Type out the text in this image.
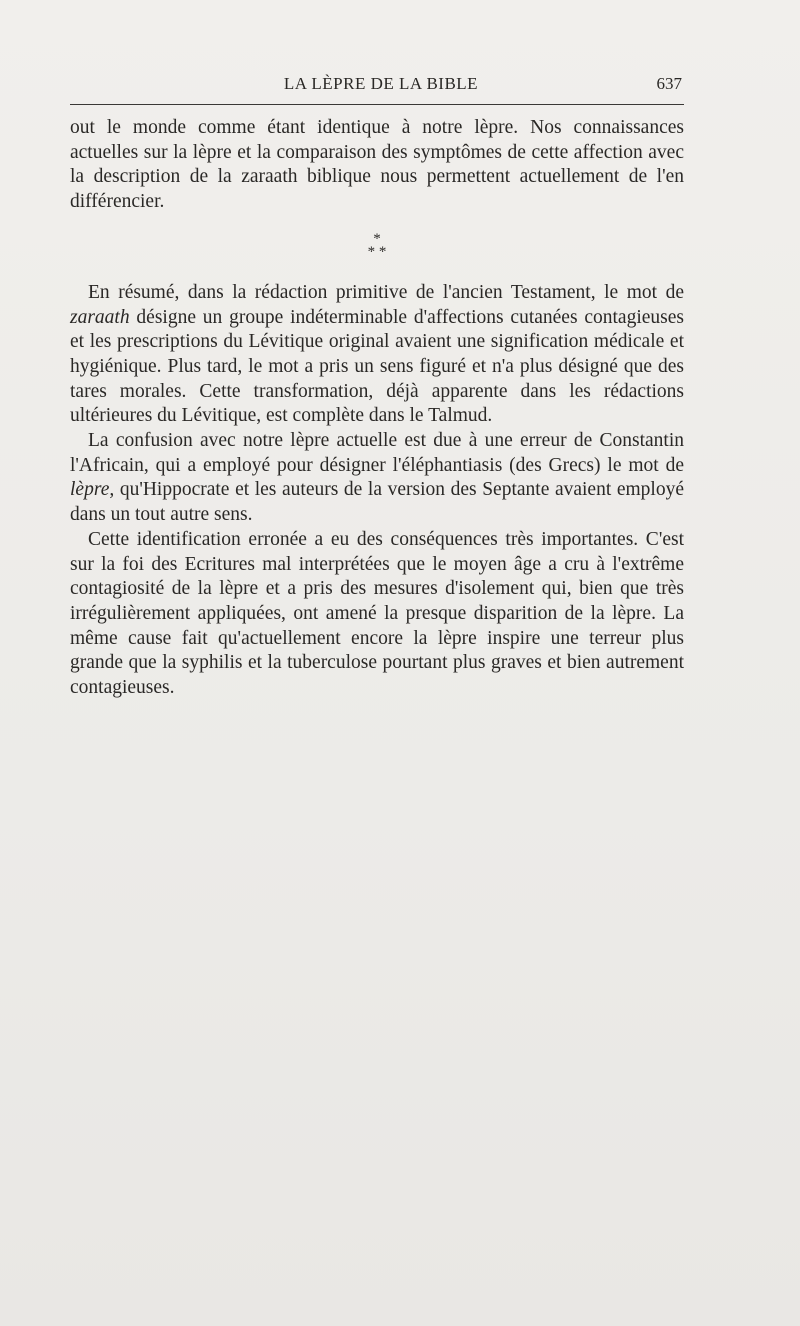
LA LÈPRE DE LA BIBLE	637

out le monde comme étant identique à notre lèpre. Nos connaissances actuelles sur la lèpre et la comparaison des symptômes de cette affection avec la description de la zaraath biblique nous permettent actuellement de l'en différencier.

*
* *

En résumé, dans la rédaction primitive de l'ancien Testament, le mot de zaraath désigne un groupe indéterminable d'affections cutanées contagieuses et les prescriptions du Lévitique original avaient une signification médicale et hygiénique. Plus tard, le mot a pris un sens figuré et n'a plus désigné que des tares morales. Cette transformation, déjà apparente dans les rédactions ultérieures du Lévitique, est complète dans le Talmud.

La confusion avec notre lèpre actuelle est due à une erreur de Constantin l'Africain, qui a employé pour désigner l'éléphantiasis (des Grecs) le mot de lèpre, qu'Hippocrate et les auteurs de la version des Septante avaient employé dans un tout autre sens.

Cette identification erronée a eu des conséquences très importantes. C'est sur la foi des Ecritures mal interprétées que le moyen âge a cru à l'extrême contagiosité de la lèpre et a pris des mesures d'isolement qui, bien que très irrégulièrement appliquées, ont amené la presque disparition de la lèpre. La même cause fait qu'actuellement encore la lèpre inspire une terreur plus grande que la syphilis et la tuberculose pourtant plus graves et bien autrement contagieuses.
